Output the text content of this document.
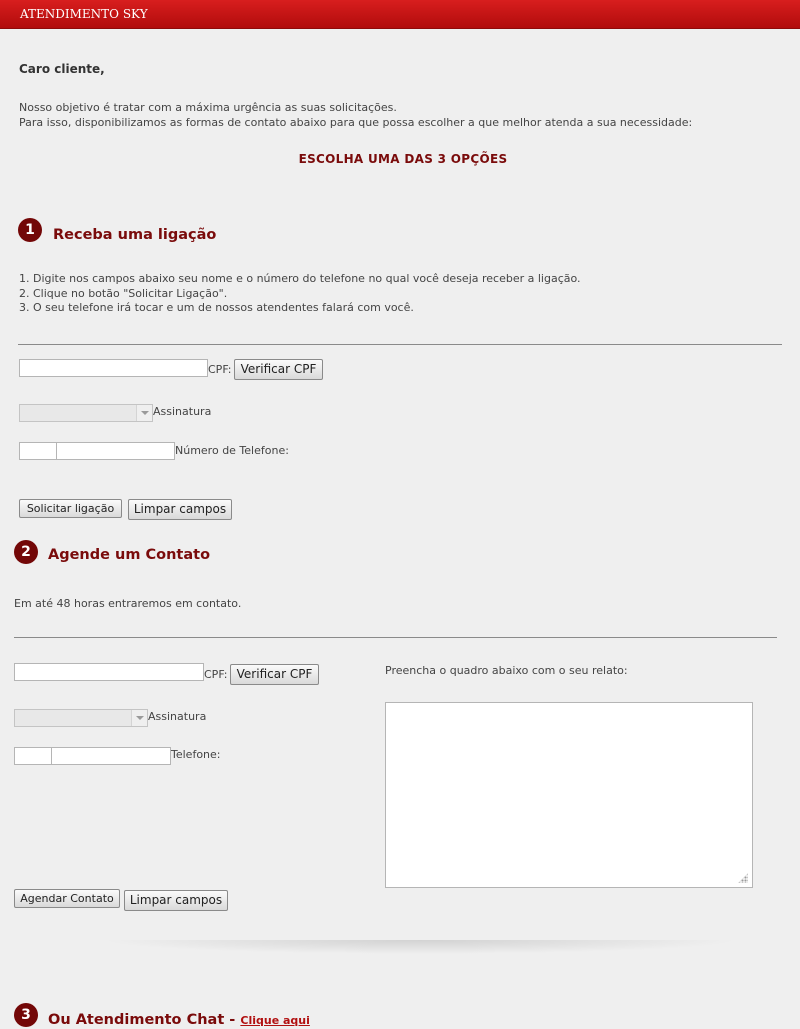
ATENDIMENTO SKY
Caro cliente,
Nosso objetivo é tratar com a máxima urgência as suas solicitações.
Para isso, disponibilizamos as formas de contato abaixo para que possa escolher a que melhor atenda a sua necessidade:
ESCOLHA UMA DAS 3 OPÇÕES
1	Receba uma ligação
1. Digite nos campos abaixo seu nome e o número do telefone no qual você deseja receber a ligação.
2. Clique no botão "Solicitar Ligação".
3. O seu telefone irá tocar e um de nossos atendentes falará com você.
CPF: Verificar CPF
Assinatura
Número de Telefone:
Solicitar ligação	Limpar campos
2	Agende um Contato
Em até 48 horas entraremos em contato.
CPF: Verificar CPF	Preencha o quadro abaixo com o seu relato:
Assinatura
Telefone:
Agendar Contato	Limpar campos
3	Ou Atendimento Chat - Clique aqui
